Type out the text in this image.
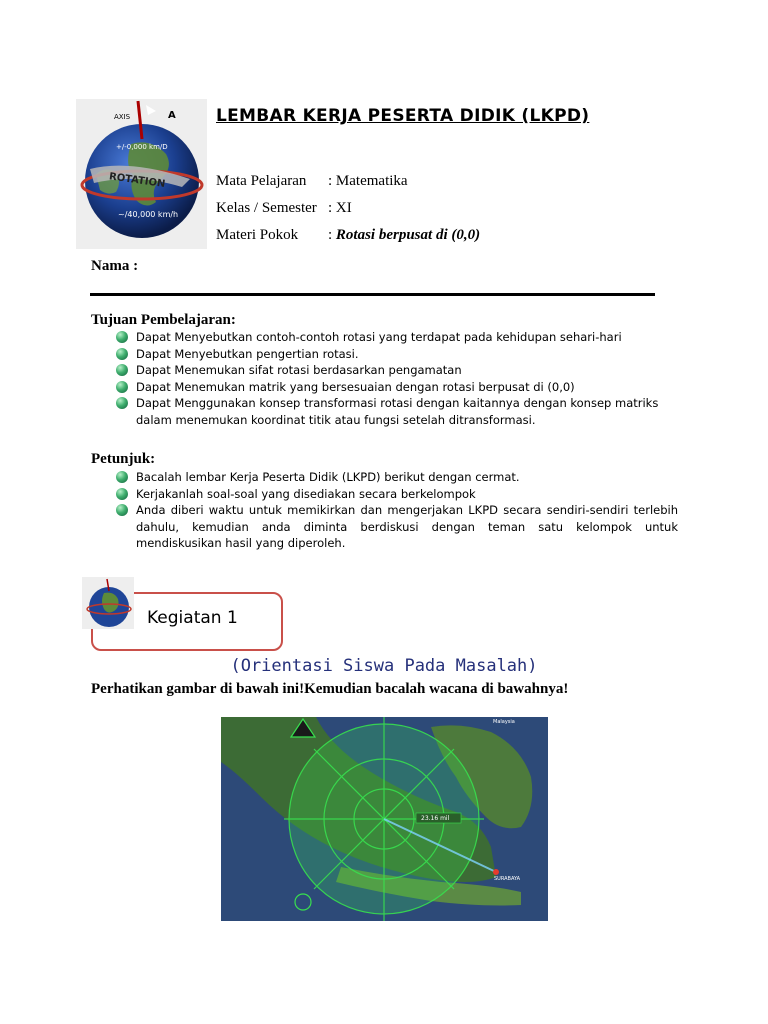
AXIS	A
ROTATION
+/-0,000 km/D
~/40,000 km/h
LEMBAR KERJA PESERTA DIDIK (LKPD)
Mata Pelajaran : Matematika
Kelas / Semester : XI
Materi Pokok : Rotasi berpusat di (0,0)
Nama :
Tujuan Pembelajaran:
Dapat Menyebutkan contoh-contoh rotasi yang terdapat pada kehidupan sehari-hari
Dapat Menyebutkan pengertian rotasi.
Dapat Menemukan sifat rotasi berdasarkan pengamatan
Dapat Menemukan matrik yang bersesuaian dengan rotasi berpusat di (0,0)
Dapat Menggunakan konsep transformasi rotasi dengan kaitannya dengan konsep matriks dalam menemukan koordinat titik atau fungsi setelah ditransformasi.
Petunjuk:
Bacalah lembar Kerja Peserta Didik (LKPD) berikut dengan cermat.
Kerjakanlah soal-soal yang disediakan secara berkelompok
Anda diberi waktu untuk memikirkan dan mengerjakan LKPD secara sendiri-sendiri terlebih dahulu, kemudian anda diminta berdiskusi dengan teman satu kelompok untuk mendiskusikan hasil yang diperoleh.
Kegiatan 1
(Orientasi Siswa Pada Masalah)
Perhatikan gambar di bawah ini!Kemudian bacalah wacana di bawahnya!
Malaysia
SURABAYA
23.16 mil
